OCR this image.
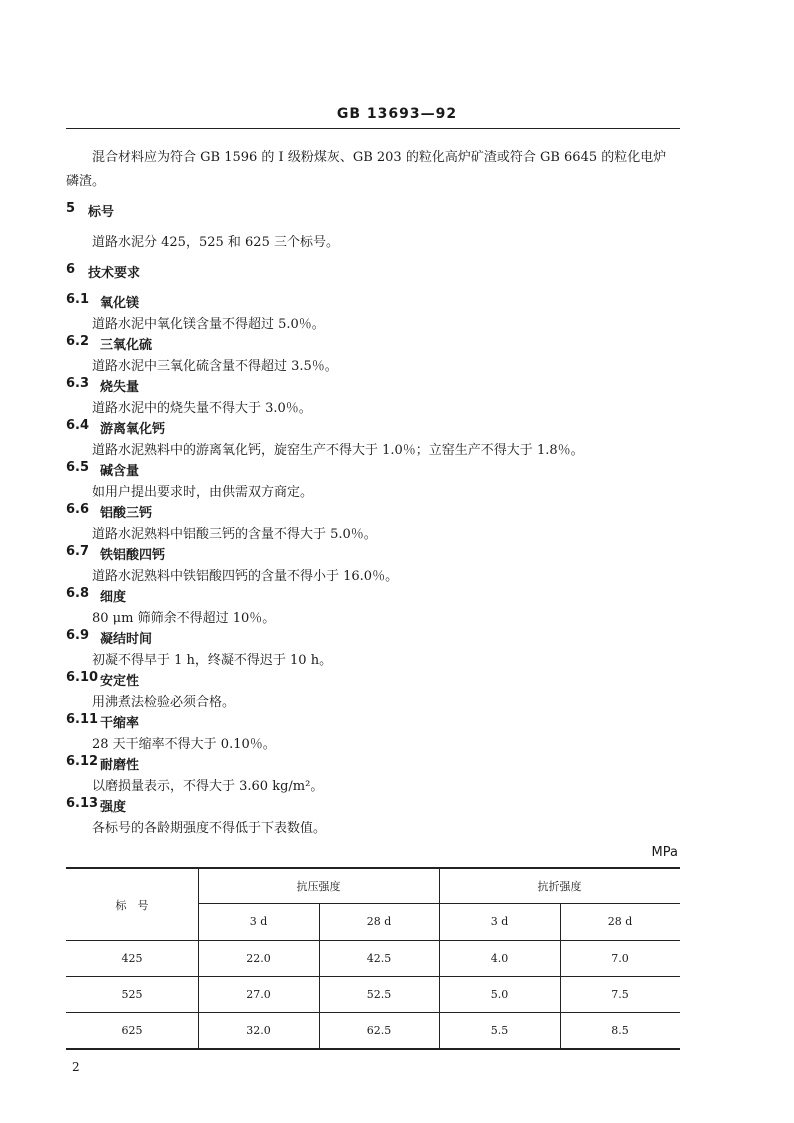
GB 13693—92
混合材料应为符合 GB 1596 的 Ⅰ 级粉煤灰、GB 203 的粒化高炉矿渣或符合 GB 6645 的粒化电炉
磷渣。
5 标号
道路水泥分 425，525 和 625 三个标号。
6 技术要求
6.1 氧化镁
道路水泥中氧化镁含量不得超过 5.0％。
6.2 三氧化硫
道路水泥中三氧化硫含量不得超过 3.5％。
6.3 烧失量
道路水泥中的烧失量不得大于 3.0％。
6.4 游离氧化钙
道路水泥熟料中的游离氧化钙，旋窑生产不得大于 1.0％；立窑生产不得大于 1.8％。
6.5 碱含量
如用户提出要求时，由供需双方商定。
6.6 铝酸三钙
道路水泥熟料中铝酸三钙的含量不得大于 5.0％。
6.7 铁铝酸四钙
道路水泥熟料中铁铝酸四钙的含量不得小于 16.0％。
6.8 细度
80 μm 筛筛余不得超过 10％。
6.9 凝结时间
初凝不得早于 1 h，终凝不得迟于 10 h。
6.10 安定性
用沸煮法检验必须合格。
6.11 干缩率
28 天干缩率不得大于 0.10％。
6.12 耐磨性
以磨损量表示，不得大于 3.60 kg/m²。
6.13 强度
各标号的各龄期强度不得低于下表数值。
MPa
标　号
抗压强度	抗折强度
3 d	28 d	3 d	28 d
425	22.0	42.5	4.0	7.0
525	27.0	52.5	5.0	7.5
625	32.0	62.5	5.5	8.5
2
